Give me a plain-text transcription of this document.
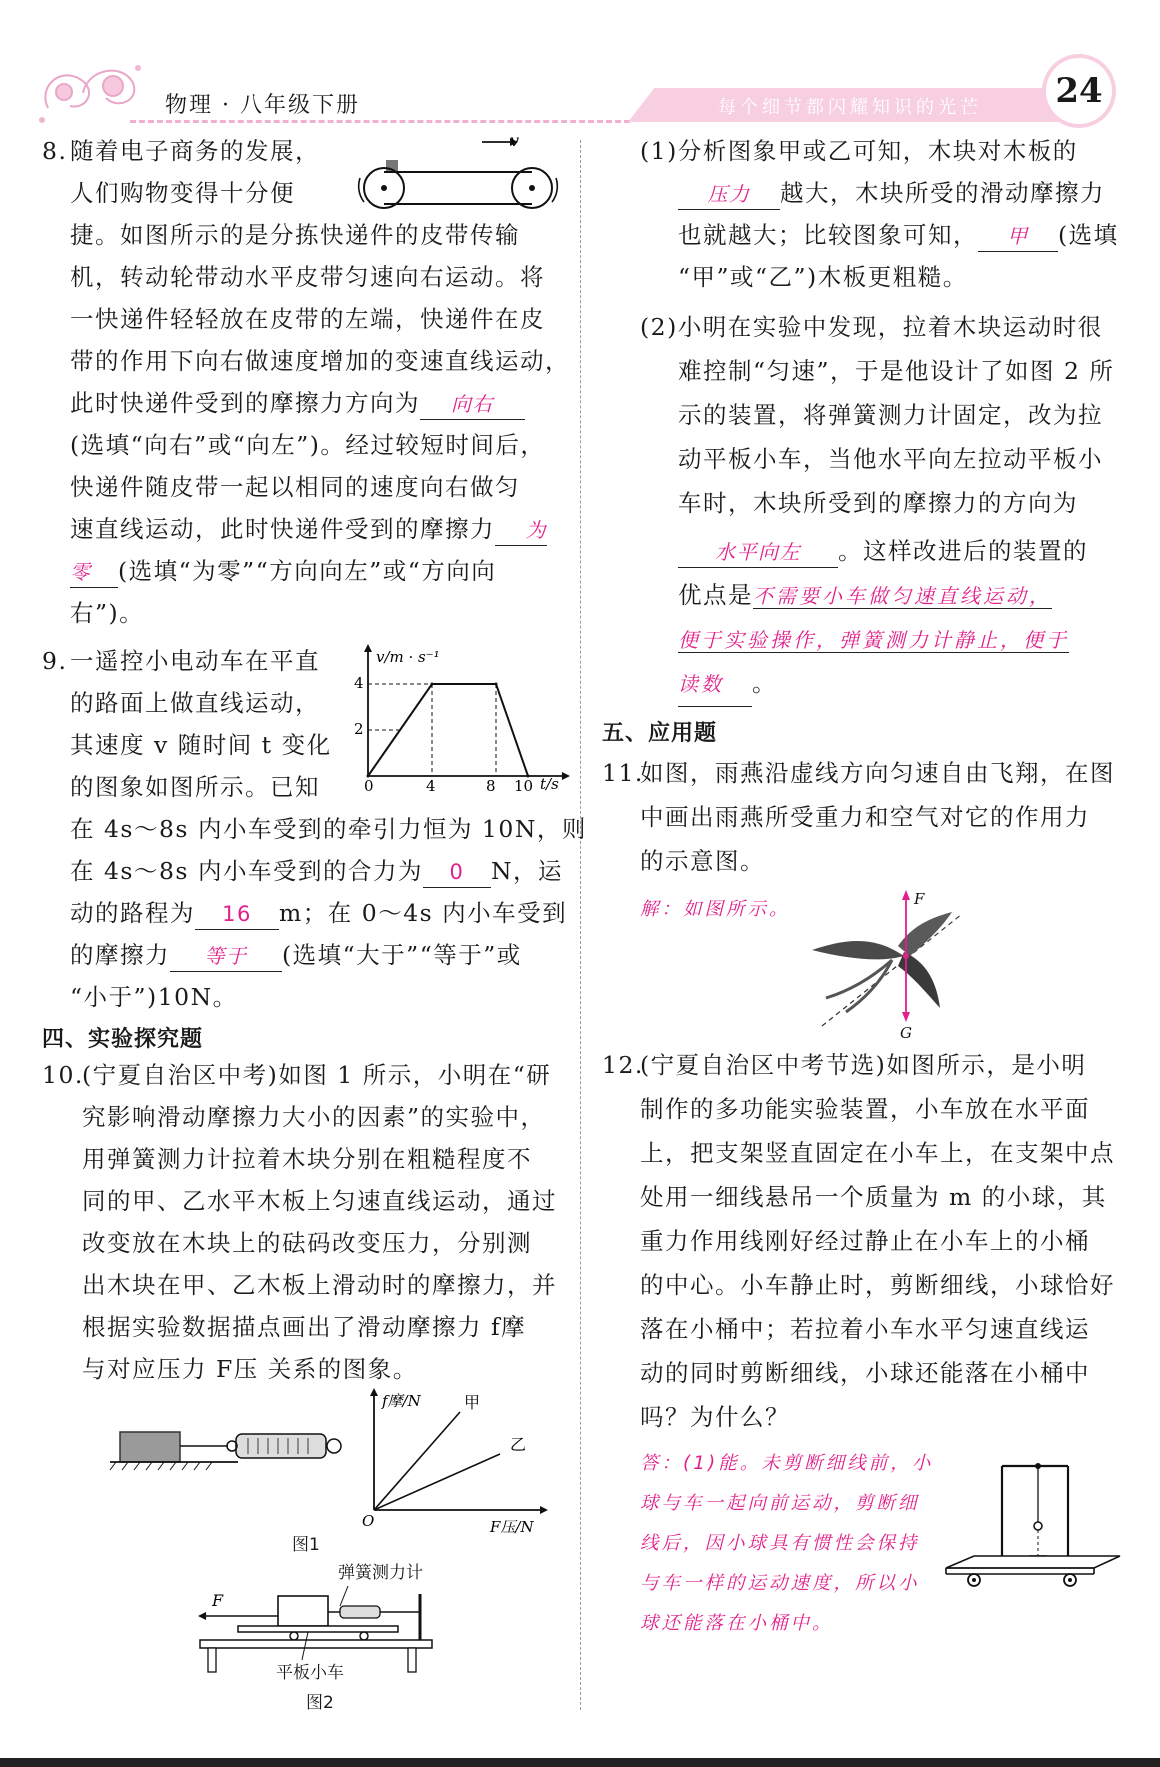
物理 · 八年级下册	每个细节都闪耀知识的光芒 24
8. 随着电子商务的发展，
人们购物变得十分便
v
捷。如图所示的是分拣快递件的皮带传输
机，转动轮带动水平皮带匀速向右运动。将
一快递件轻轻放在皮带的左端，快递件在皮
带的作用下向右做速度增加的变速直线运动，
此时快递件受到的摩擦力方向为 向右
(选填“向右”或“向左”)。经过较短时间后，
快递件随皮带一起以相同的速度向右做匀
速直线运动，此时快递件受到的摩擦力 为
零 (选填“为零”“方向向左”或“方向向
右”)。
9. 一遥控小电动车在平直
的路面上做直线运动，
其速度 v 随时间 t 变化
的图象如图所示。已知
v/m · s⁻¹
t/s
4
2
0	4	8 10
在 4s～8s 内小车受到的牵引力恒为 10N，则
在 4s～8s 内小车受到的合力为 0 N，运
动的路程为 16 m；在 0～4s 内小车受到
的摩擦力 等于 (选填“大于”“等于”或
“小于”)10N。
四、实验探究题
10.
(宁夏自治区中考)如图 1 所示，小明在“研
究影响滑动摩擦力大小的因素”的实验中，
用弹簧测力计拉着木块分别在粗糙程度不
同的甲、乙水平木板上匀速直线运动，通过
改变放在木块上的砝码改变压力，分别测
出木块在甲、乙木板上滑动时的摩擦力，并
根据实验数据描点画出了滑动摩擦力 f摩
与对应压力 F压 关系的图象。
f摩/N
F压/N
O
甲
乙
图1
弹簧测力计
F
平板小车
图2
(1)分析图象甲或乙可知，木块对木板的
压力 越大，木块所受的滑动摩擦力
也就越大；比较图象可知， 甲 (选填
“甲”或“乙”)木板更粗糙。
(2)小明在实验中发现，拉着木块运动时很
难控制“匀速”，于是他设计了如图 2 所
示的装置，将弹簧测力计固定，改为拉
动平板小车，当他水平向左拉动平板小
车时，木块所受到的摩擦力的方向为
水平向左 。这样改进后的装置的
优点是不需要小车做匀速直线运动，
便于实验操作，弹簧测力计静止，便于
读数 。
五、应用题
11.
如图，雨燕沿虚线方向匀速自由飞翔，在图
中画出雨燕所受重力和空气对它的作用力
的示意图。
解：如图所示。	F
G
12.
(宁夏自治区中考节选)如图所示，是小明
制作的多功能实验装置，小车放在水平面
上，把支架竖直固定在小车上，在支架中点
处用一细线悬吊一个质量为 m 的小球，其
重力作用线刚好经过静止在小车上的小桶
的中心。小车静止时，剪断细线，小球恰好
落在小桶中；若拉着小车水平匀速直线运
动的同时剪断细线，小球还能落在小桶中
吗？为什么？
答：(1)能。未剪断细线前，小
球与车一起向前运动，剪断细
线后，因小球具有惯性会保持
与车一样的运动速度，所以小
球还能落在小桶中。
